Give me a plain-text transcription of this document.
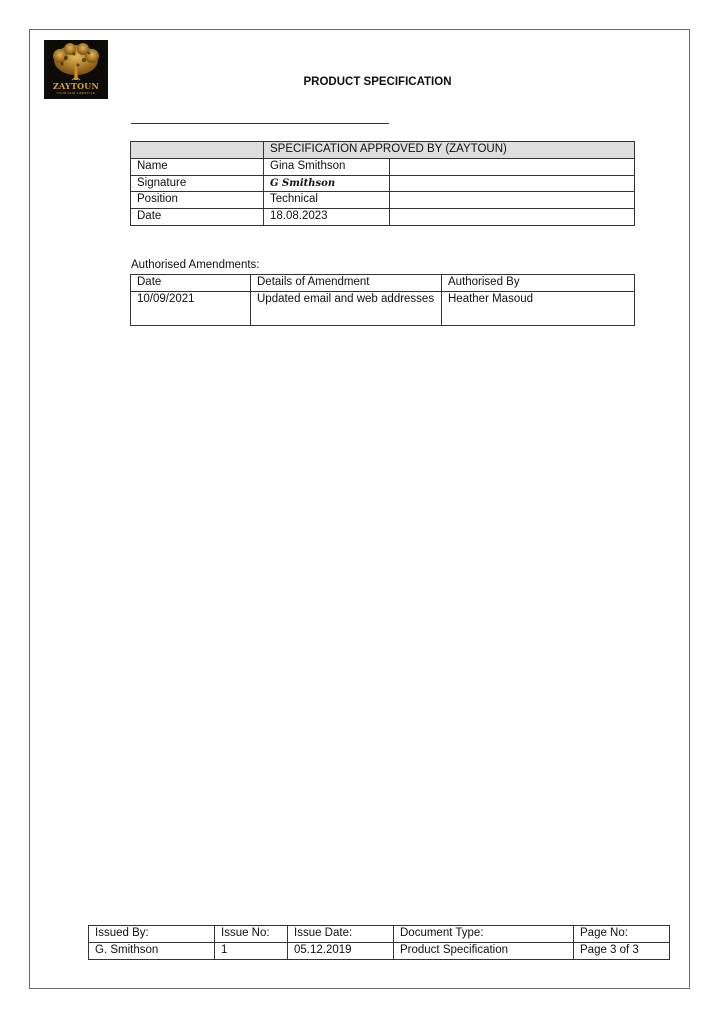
ZAYTOUN
YOUR FAIR-LIFESTYLE
PRODUCT SPECIFICATION
	SPECIFICATION APPROVED BY (ZAYTOUN)	
Name	Gina Smithson	
Signature	G Smithson	
Position	Technical	
Date	18.08.2023	
Authorised Amendments:
Date	Details of Amendment	Authorised By
10/09/2021	Updated email and web addresses	Heather Masoud
Issued By:	Issue No:	Issue Date:	Document Type:	Page No:
G. Smithson	1	05.12.2019	Product Specification	Page 3 of 3
